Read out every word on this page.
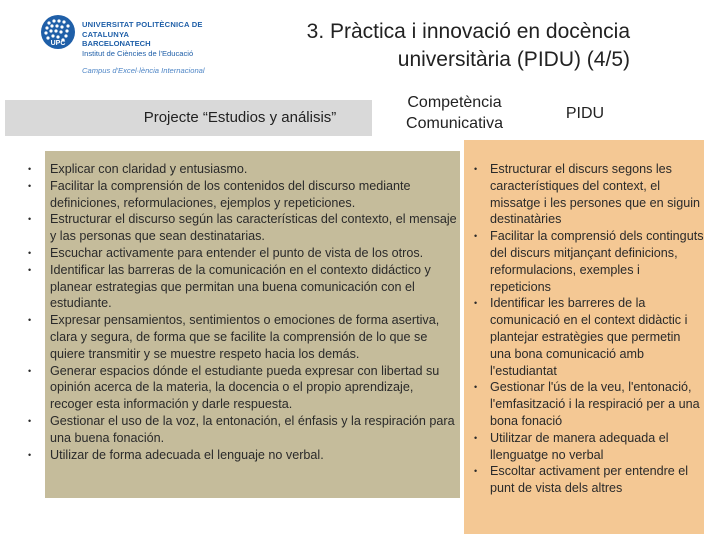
UPC
UNIVERSITAT POLITÈCNICA DE CATALUNYA
BARCELONATECH
Institut de Ciències de l'Educació
Campus d'Excel·lència Internacional
3. Pràctica i innovació en docència
universitària (PIDU) (4/5)
Projecte “Estudios y análisis”
Competència
Comunicativa
PIDU
• Explicar con claridad y entusiasmo.
• Facilitar la comprensión de los contenidos del discurso mediante definiciones, reformulaciones, ejemplos y repeticiones.
• Estructurar el discurso según las características del contexto, el mensaje y las personas que sean destinatarias.
• Escuchar activamente para entender el punto de vista de los otros.
• Identificar las barreras de la comunicación en el contexto didáctico y planear estrategias que permitan una buena comunicación con el estudiante.
• Expresar pensamientos, sentimientos o emociones de forma asertiva, clara y segura, de forma que se facilite la comprensión de lo que se quiere transmitir y se muestre respeto hacia los demás.
• Generar espacios dónde el estudiante pueda expresar con libertad su opinión acerca de la materia, la docencia o el propio aprendizaje, recoger esta información y darle respuesta.
• Gestionar el uso de la voz, la entonación, el énfasis y la respiración para una buena fonación.
• Utilizar de forma adecuada el lenguaje no verbal.
• Estructurar el discurs segons les característiques del context, el missatge i les persones que en siguin destinatàries
• Facilitar la comprensió dels continguts del discurs mitjançant definicions, reformulacions, exemples i repeticions
• Identificar les barreres de la comunicació en el context didàctic i plantejar estratègies que permetin una bona comunicació amb l'estudiantat
• Gestionar l'ús de la veu, l'entonació, l'emfasització i la respiració per a una bona fonació
• Utilitzar de manera adequada el llenguatge no verbal
• Escoltar activament per entendre el punt de vista dels altres
